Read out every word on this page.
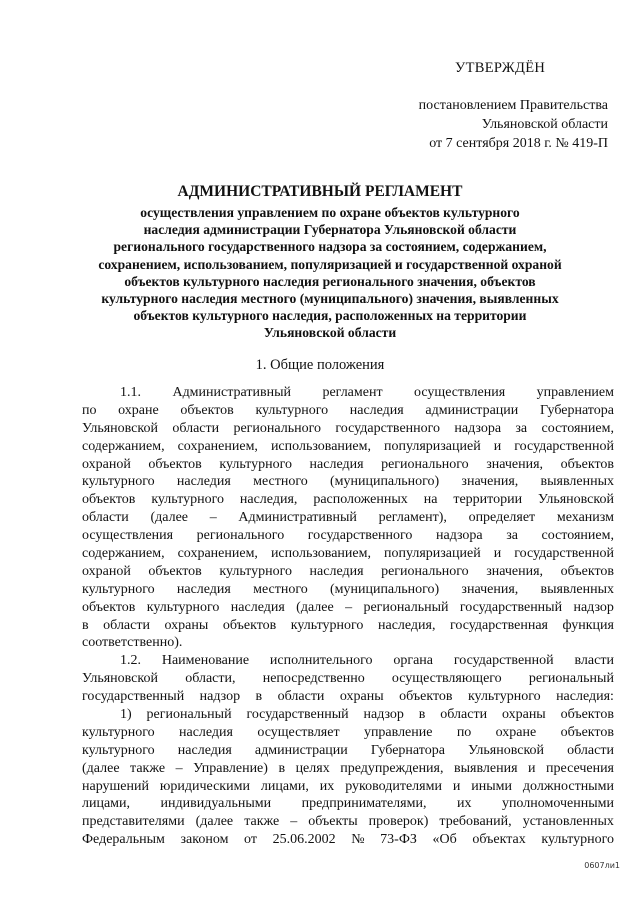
УТВЕРЖДЁН
постановлением Правительства
Ульяновской области
от 7 сентября 2018 г. № 419-П
АДМИНИСТРАТИВНЫЙ РЕГЛАМЕНТ
осуществления управлением по охране объектов культурного
наследия администрации Губернатора Ульяновской области
регионального государственного надзора за состоянием, содержанием,
сохранением, использованием, популяризацией и государственной охраной
объектов культурного наследия регионального значения, объектов
культурного наследия местного (муниципального) значения, выявленных
объектов культурного наследия, расположенных на территории
Ульяновской области
1. Общие положения
1.1. Административный регламент осуществления управлением
по охране объектов культурного наследия администрации Губернатора
Ульяновской области регионального государственного надзора за состоянием,
содержанием, сохранением, использованием, популяризацией и государственной
охраной объектов культурного наследия регионального значения, объектов
культурного наследия местного (муниципального) значения, выявленных
объектов культурного наследия, расположенных на территории Ульяновской
области (далее – Административный регламент), определяет механизм
осуществления регионального государственного надзора за состоянием,
содержанием, сохранением, использованием, популяризацией и государственной
охраной объектов культурного наследия регионального значения, объектов
культурного наследия местного (муниципального) значения, выявленных
объектов культурного наследия (далее – региональный государственный надзор
в области охраны объектов культурного наследия, государственная функция
соответственно).
1.2. Наименование исполнительного органа государственной власти
Ульяновской области, непосредственно осуществляющего региональный
государственный надзор в области охраны объектов культурного наследия:
1) региональный государственный надзор в области охраны объектов
культурного наследия осуществляет управление по охране объектов
культурного наследия администрации Губернатора Ульяновской области
(далее также – Управление) в целях предупреждения, выявления и пресечения
нарушений юридическими лицами, их руководителями и иными должностными
лицами, индивидуальными предпринимателями, их уполномоченными
представителями (далее также – объекты проверок) требований, установленных
Федеральным законом от 25.06.2002 № 73-ФЗ «Об объектах культурного
0607ли1
